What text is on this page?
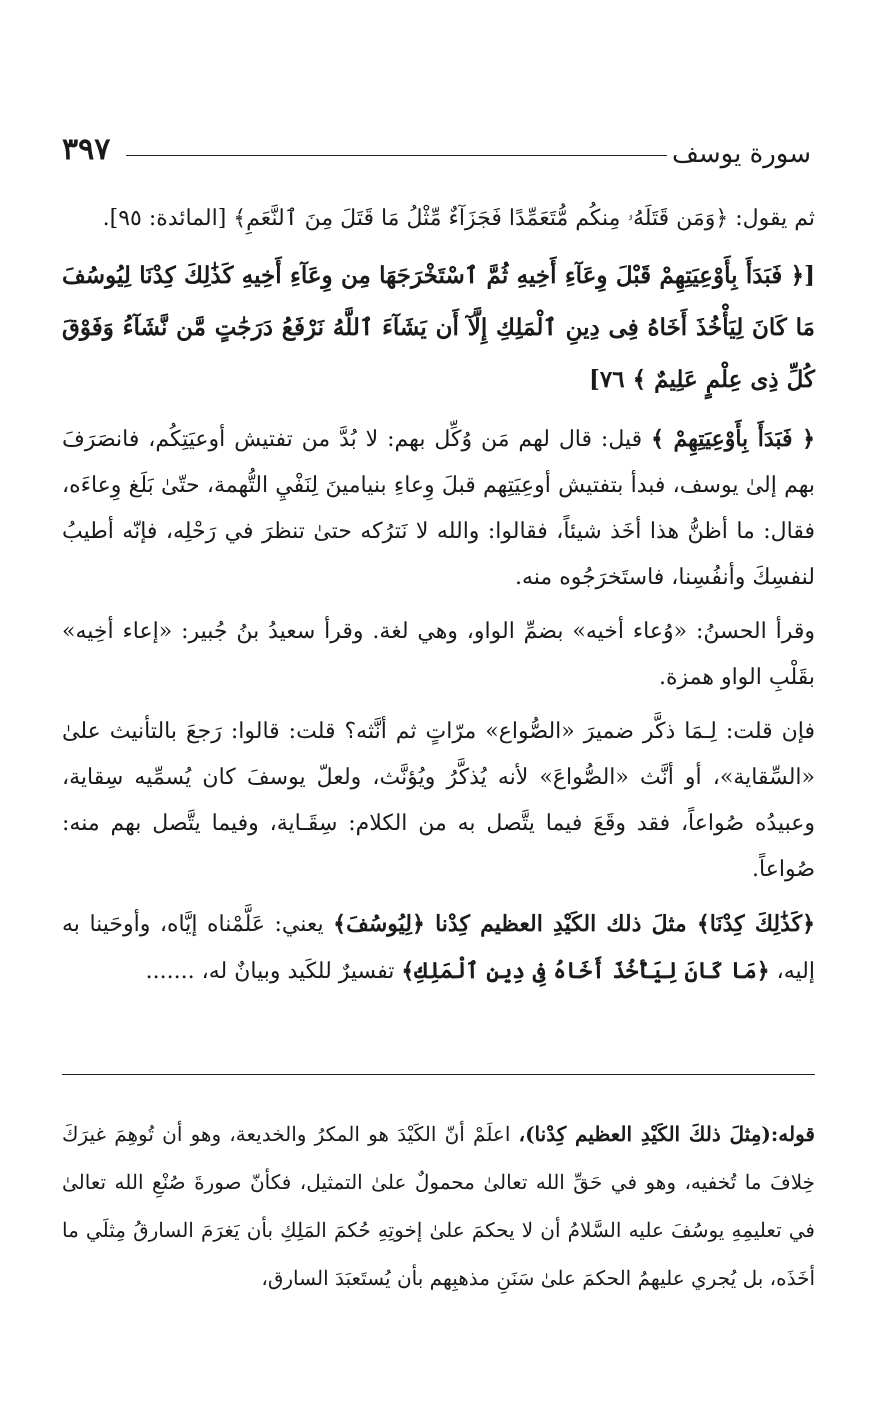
سورة يوسف
٣٩٧

ثم يقول: ﴿وَمَن قَتَلَهُۥ مِنكُم مُّتَعَمِّدًا فَجَزَآءٌ مِّثْلُ مَا قَتَلَ مِنَ ٱلنَّعَمِ﴾ [المائدة: ٩٥].

[﴿ فَبَدَأَ بِأَوْعِيَتِهِمْ قَبْلَ وِعَآءِ أَخِيهِ ثُمَّ ٱسْتَخْرَجَهَا مِن وِعَآءِ أَخِيهِ كَذَٰلِكَ كِدْنَا لِيُوسُفَ مَا كَانَ لِيَأْخُذَ أَخَاهُ فِى دِينِ ٱلْمَلِكِ إِلَّآ أَن يَشَآءَ ٱللَّهُ نَرْفَعُ دَرَجَٰتٍ مَّن نَّشَآءُ وَفَوْقَ كُلِّ ذِى عِلْمٍ عَلِيمٌ ﴾ ٧٦]

﴿ فَبَدَأَ بِأَوْعِيَتِهِمْ ﴾ قيل: قال لهم مَن وُكِّل بهم: لا بُدَّ من تفتيش أوعيَتِكُم، فانصَرَفَ بهم إلىٰ يوسف، فبدأ بتفتيش أوعِيَتِهم قبلَ وِعاءِ بنيامينَ لِنَفْيِ التُّهمة، حتّىٰ بَلَغ وِعاءَه، فقال: ما أظنُّ هذا أخَذ شيئاً، فقالوا: والله لا نَترُكه حتىٰ تنظرَ في رَحْلِه، فإنّه أطيبُ لنفسِكَ وأنفُسِنا، فاستَخرَجُوه منه.

وقرأ الحسنُ: «وُعاء أخيه» بضمِّ الواو، وهي لغة. وقرأ سعيدُ بنُ جُبير: «إعاء أخِيه» بقَلْبِ الواو همزة.

فإن قلت: لِـمَا ذكَّر ضميرَ «الصُّواع» مرّاتٍ ثم أنَّثه؟ قلت: قالوا: رَجعَ بالتأنيث علىٰ «السِّقاية»، أو أنَّث «الصُّواعَ» لأنه يُذكَّرُ ويُؤنَّث، ولعلّ يوسفَ كان يُسمِّيه سِقاية، وعبيدُه صُواعاً، فقد وقَعَ فيما يتَّصل به من الكلام: سِقَـاية، وفيما يتَّصل بهم منه: صُواعاً.

﴿كَذَٰلِكَ كِدْنَا﴾ مثلَ ذلك الكَيْدِ العظيم كِدْنا ﴿لِيُوسُفَ﴾ يعني: عَلَّمْناه إيَّاه، وأوحَينا به إليه، ﴿مَا كَانَ لِيَأْخُذَ أَخَاهُ فِى دِينِ ٱلْمَلِكِ﴾ تفسيرٌ للكَيد وبيانٌ له، .......

قوله:(مِثلَ ذلكَ الكَيْدِ العظيم كِدْنا)، اعلَمْ أنّ الكَيْدَ هو المكرُ والخديعة، وهو أن تُوهِمَ غيرَكَ خِلافَ ما تُخفيه، وهو في حَقِّ الله تعالىٰ محمولٌ علىٰ التمثيل، فكأنّ صورةَ صُنْعِ الله تعالىٰ في تعليمِهِ يوسُفَ عليه السَّلامُ أن لا يحكمَ علىٰ إخوتِهِ حُكمَ المَلِكِ بأن يَغرَمَ السارقُ مِثلَي ما أخَذَه، بل يُجري عليهمُ الحكمَ علىٰ سَنَنِ مذهبِهم بأن يُستَعبَدَ السارق،
